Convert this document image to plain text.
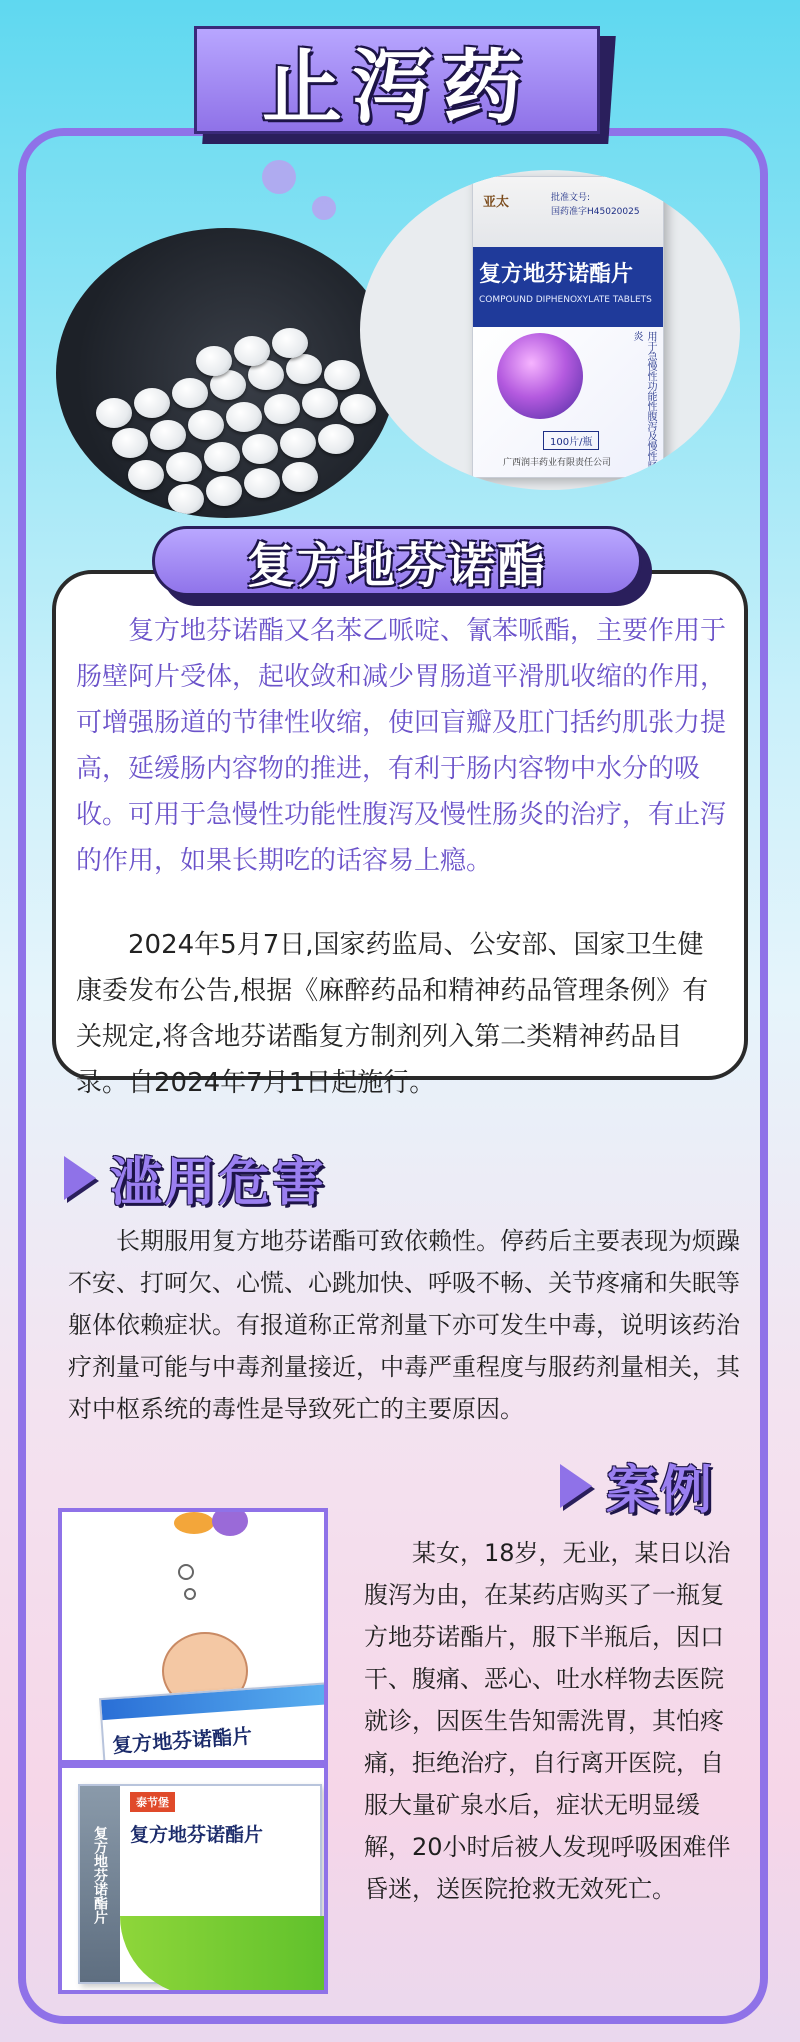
止泻药
亚太	批准文号:
国药准字H45020025
复方地芬诺酯片
COMPOUND DIPHENOXYLATE TABLETS
用于急慢性功能性腹泻及慢性肠炎
100片/瓶
广西润丰药业有限责任公司

复方地芬诺酯又名苯乙哌啶、氰苯哌酯，主要作用于肠壁阿片受体，起收敛和减少胃肠道平滑肌收缩的作用，可增强肠道的节律性收缩，使回盲瓣及肛门括约肌张力提高，延缓肠内容物的推进，有利于肠内容物中水分的吸收。可用于急慢性功能性腹泻及慢性肠炎的治疗，有止泻的作用，如果长期吃的话容易上瘾。

2024年5月7日,国家药监局、公安部、国家卫生健康委发布公告,根据《麻醉药品和精神药品管理条例》有关规定,将含地芬诺酯复方制剂列入第二类精神药品目录。自2024年7月1日起施行。

复方地芬诺酯
滥用危害

长期服用复方地芬诺酯可致依赖性。停药后主要表现为烦躁不安、打呵欠、心慌、心跳加快、呼吸不畅、关节疼痛和失眠等躯体依赖症状。有报道称正常剂量下亦可发生中毒，说明该药治疗剂量可能与中毒剂量接近，中毒严重程度与服药剂量相关，其对中枢系统的毒性是导致死亡的主要原因。

案例
复方地芬诺酯片
复方地芬诺酯片
泰节堡
复方地芬诺酯片

某女，18岁，无业，某日以治腹泻为由，在某药店购买了一瓶复方地芬诺酯片，服下半瓶后，因口干、腹痛、恶心、吐水样物去医院就诊，因医生告知需洗胃，其怕疼痛，拒绝治疗，自行离开医院，自服大量矿泉水后，症状无明显缓解，20小时后被人发现呼吸困难伴昏迷，送医院抢救无效死亡。
